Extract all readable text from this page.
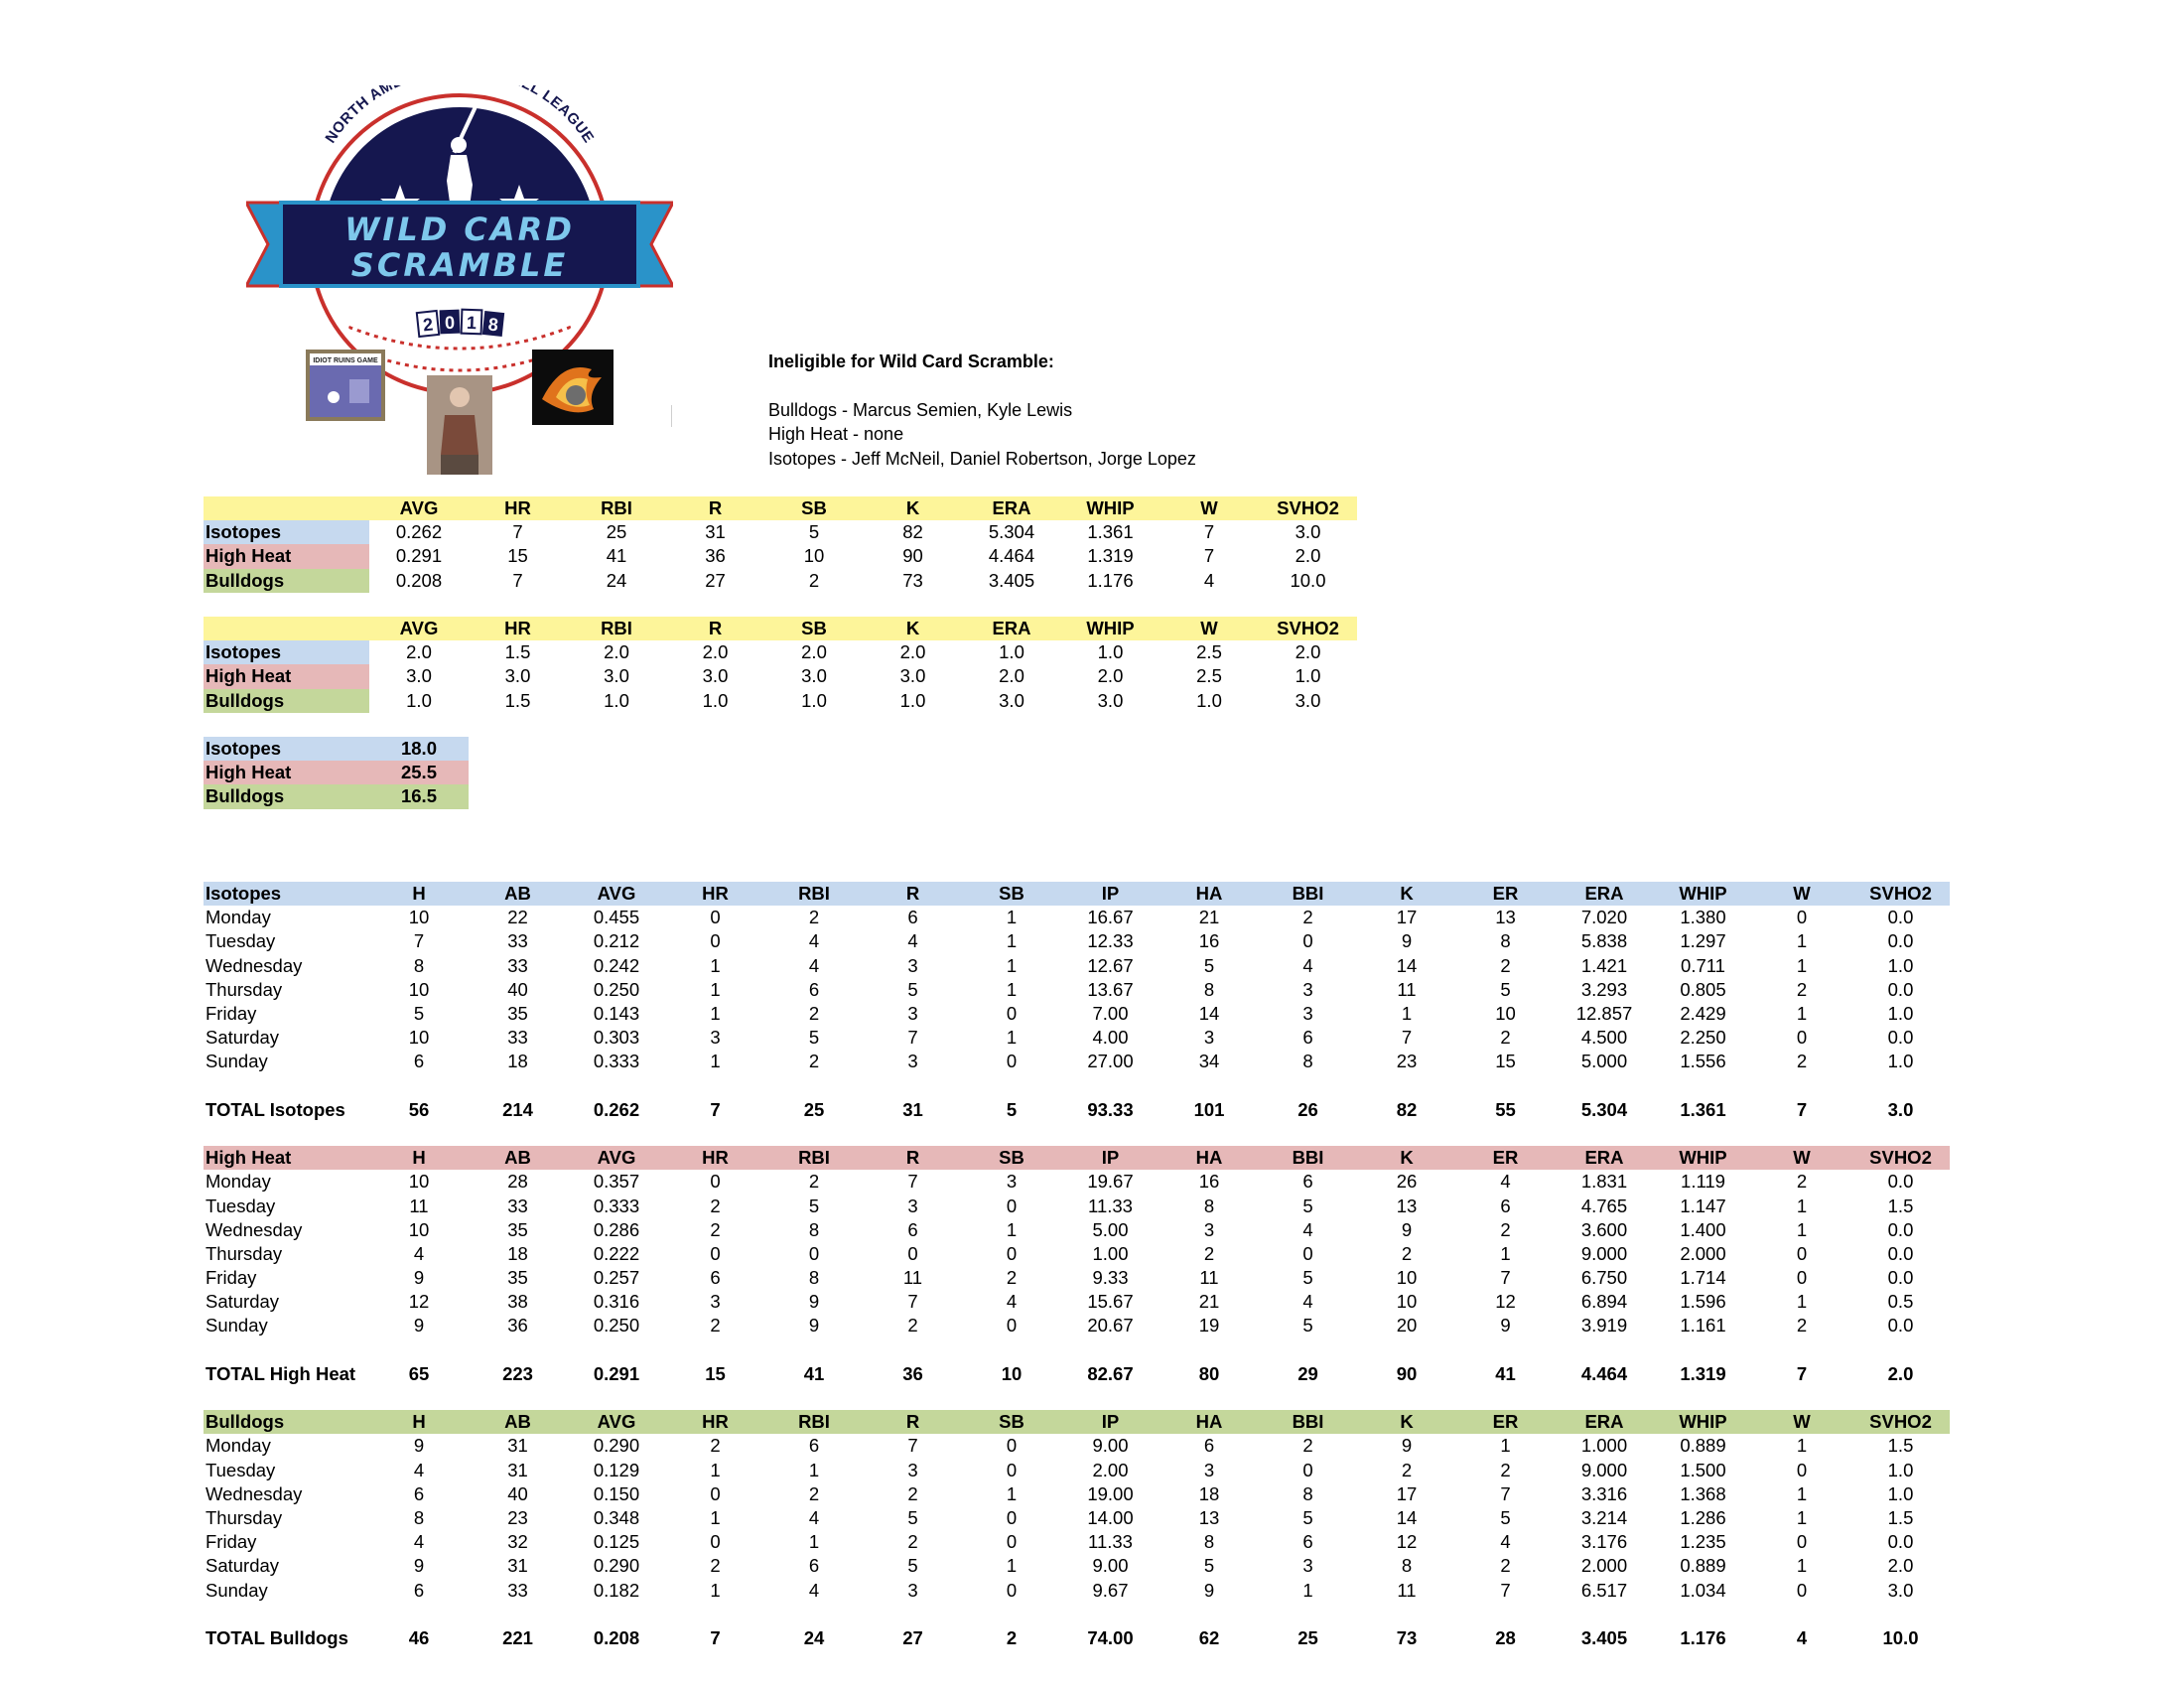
NORTH AM L LEAGUE
WILD CARD
SCRAMBLE
2 0 1 8
IDIOT RUINS GAME	Ineligible for Wild Card Scramble:
Bulldogs - Marcus Semien, Kyle Lewis
High Heat - none
Isotopes - Jeff McNeil, Daniel Robertson, Jorge Lopez
	AVG	HR	RBI	R	SB	K	ERA	WHIP	W	SVHO2
Isotopes	0.262	7	25	31	5	82	5.304	1.361	7	3.0
High Heat	0.291	15	41	36	10	90	4.464	1.319	7	2.0
Bulldogs	0.208	7	24	27	2	73	3.405	1.176	4	10.0
	AVG	HR	RBI	R	SB	K	ERA	WHIP	W	SVHO2
Isotopes	2.0	1.5	2.0	2.0	2.0	2.0	1.0	1.0	2.5	2.0
High Heat	3.0	3.0	3.0	3.0	3.0	3.0	2.0	2.0	2.5	1.0
Bulldogs	1.0	1.5	1.0	1.0	1.0	1.0	3.0	3.0	1.0	3.0
Isotopes	18.0
High Heat	25.5
Bulldogs	16.5
Isotopes	H	AB	AVG	HR	RBI	R	SB	IP	HA	BBI	K	ER	ERA	WHIP	W	SVHO2
Monday	10	22	0.455	0	2	6	1	16.67	21	2	17	13	7.020	1.380	0	0.0
Tuesday	7	33	0.212	0	4	4	1	12.33	16	0	9	8	5.838	1.297	1	0.0
Wednesday	8	33	0.242	1	4	3	1	12.67	5	4	14	2	1.421	0.711	1	1.0
Thursday	10	40	0.250	1	6	5	1	13.67	8	3	11	5	3.293	0.805	2	0.0
Friday	5	35	0.143	1	2	3	0	7.00	14	3	1	10	12.857	2.429	1	1.0
Saturday	10	33	0.303	3	5	7	1	4.00	3	6	7	2	4.500	2.250	0	0.0
Sunday	6	18	0.333	1	2	3	0	27.00	34	8	23	15	5.000	1.556	2	1.0

TOTAL Isotopes	56	214	0.262	7	25	31	5	93.33	101	26	82	55	5.304	1.361	7	3.0

High Heat	H	AB	AVG	HR	RBI	R	SB	IP	HA	BBI	K	ER	ERA	WHIP	W	SVHO2
Monday	10	28	0.357	0	2	7	3	19.67	16	6	26	4	1.831	1.119	2	0.0
Tuesday	11	33	0.333	2	5	3	0	11.33	8	5	13	6	4.765	1.147	1	1.5
Wednesday	10	35	0.286	2	8	6	1	5.00	3	4	9	2	3.600	1.400	1	0.0
Thursday	4	18	0.222	0	0	0	0	1.00	2	0	2	1	9.000	2.000	0	0.0
Friday	9	35	0.257	6	8	11	2	9.33	11	5	10	7	6.750	1.714	0	0.0
Saturday	12	38	0.316	3	9	7	4	15.67	21	4	10	12	6.894	1.596	1	0.5
Sunday	9	36	0.250	2	9	2	0	20.67	19	5	20	9	3.919	1.161	2	0.0

TOTAL High Heat	65	223	0.291	15	41	36	10	82.67	80	29	90	41	4.464	1.319	7	2.0

Bulldogs	H	AB	AVG	HR	RBI	R	SB	IP	HA	BBI	K	ER	ERA	WHIP	W	SVHO2
Monday	9	31	0.290	2	6	7	0	9.00	6	2	9	1	1.000	0.889	1	1.5
Tuesday	4	31	0.129	1	1	3	0	2.00	3	0	2	2	9.000	1.500	0	1.0
Wednesday	6	40	0.150	0	2	2	1	19.00	18	8	17	7	3.316	1.368	1	1.0
Thursday	8	23	0.348	1	4	5	0	14.00	13	5	14	5	3.214	1.286	1	1.5
Friday	4	32	0.125	0	1	2	0	11.33	8	6	12	4	3.176	1.235	0	0.0
Saturday	9	31	0.290	2	6	5	1	9.00	5	3	8	2	2.000	0.889	1	2.0
Sunday	6	33	0.182	1	4	3	0	9.67	9	1	11	7	6.517	1.034	0	3.0

TOTAL Bulldogs	46	221	0.208	7	24	27	2	74.00	62	25	73	28	3.405	1.176	4	10.0
